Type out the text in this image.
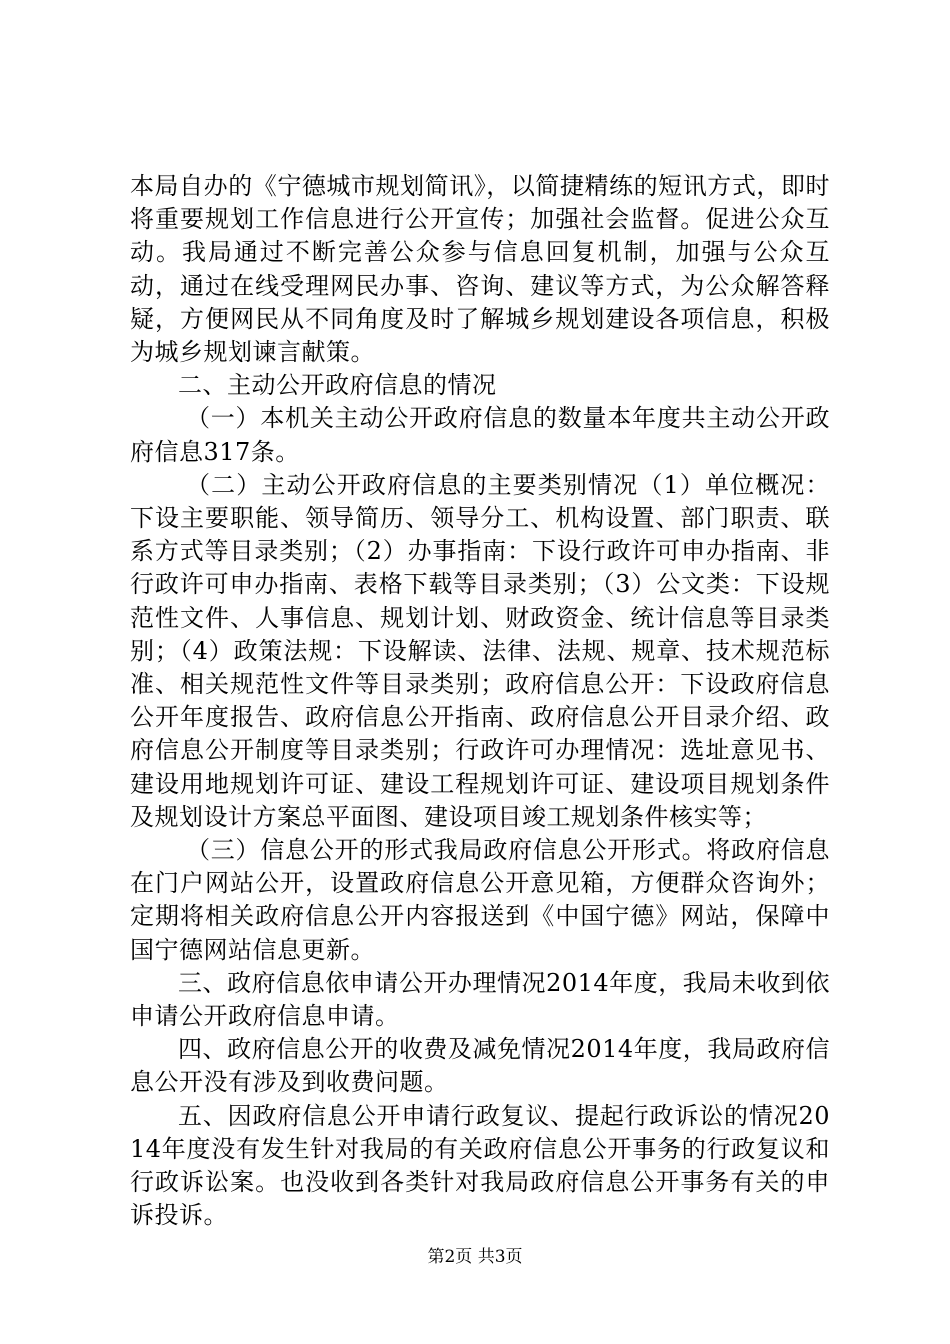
本局自办的《宁德城市规划简讯》，以简捷精练的短讯方式，即时将重要规划工作信息进行公开宣传；加强社会监督。促进公众互动。我局通过不断完善公众参与信息回复机制，加强与公众互动，通过在线受理网民办事、咨询、建议等方式，为公众解答释疑，方便网民从不同角度及时了解城乡规划建设各项信息，积极为城乡规划谏言献策。

二、主动公开政府信息的情况

（一）本机关主动公开政府信息的数量本年度共主动公开政府信息317条。

（二）主动公开政府信息的主要类别情况（1）单位概况：下设主要职能、领导简历、领导分工、机构设置、部门职责、联系方式等目录类别；（2）办事指南：下设行政许可申办指南、非行政许可申办指南、表格下载等目录类别；（3）公文类：下设规范性文件、人事信息、规划计划、财政资金、统计信息等目录类别；（4）政策法规：下设解读、法律、法规、规章、技术规范标准、相关规范性文件等目录类别；政府信息公开：下设政府信息公开年度报告、政府信息公开指南、政府信息公开目录介绍、政府信息公开制度等目录类别；行政许可办理情况：选址意见书、建设用地规划许可证、建设工程规划许可证、建设项目规划条件及规划设计方案总平面图、建设项目竣工规划条件核实等；

（三）信息公开的形式我局政府信息公开形式。将政府信息在门户网站公开，设置政府信息公开意见箱，方便群众咨询外；定期将相关政府信息公开内容报送到《中国宁德》网站，保障中国宁德网站信息更新。

三、政府信息依申请公开办理情况2014年度，我局未收到依申请公开政府信息申请。

四、政府信息公开的收费及减免情况2014年度，我局政府信息公开没有涉及到收费问题。

五、因政府信息公开申请行政复议、提起行政诉讼的情况2014年度没有发生针对我局的有关政府信息公开事务的行政复议和行政诉讼案。也没收到各类针对我局政府信息公开事务有关的申诉投诉。

第2页 共3页
